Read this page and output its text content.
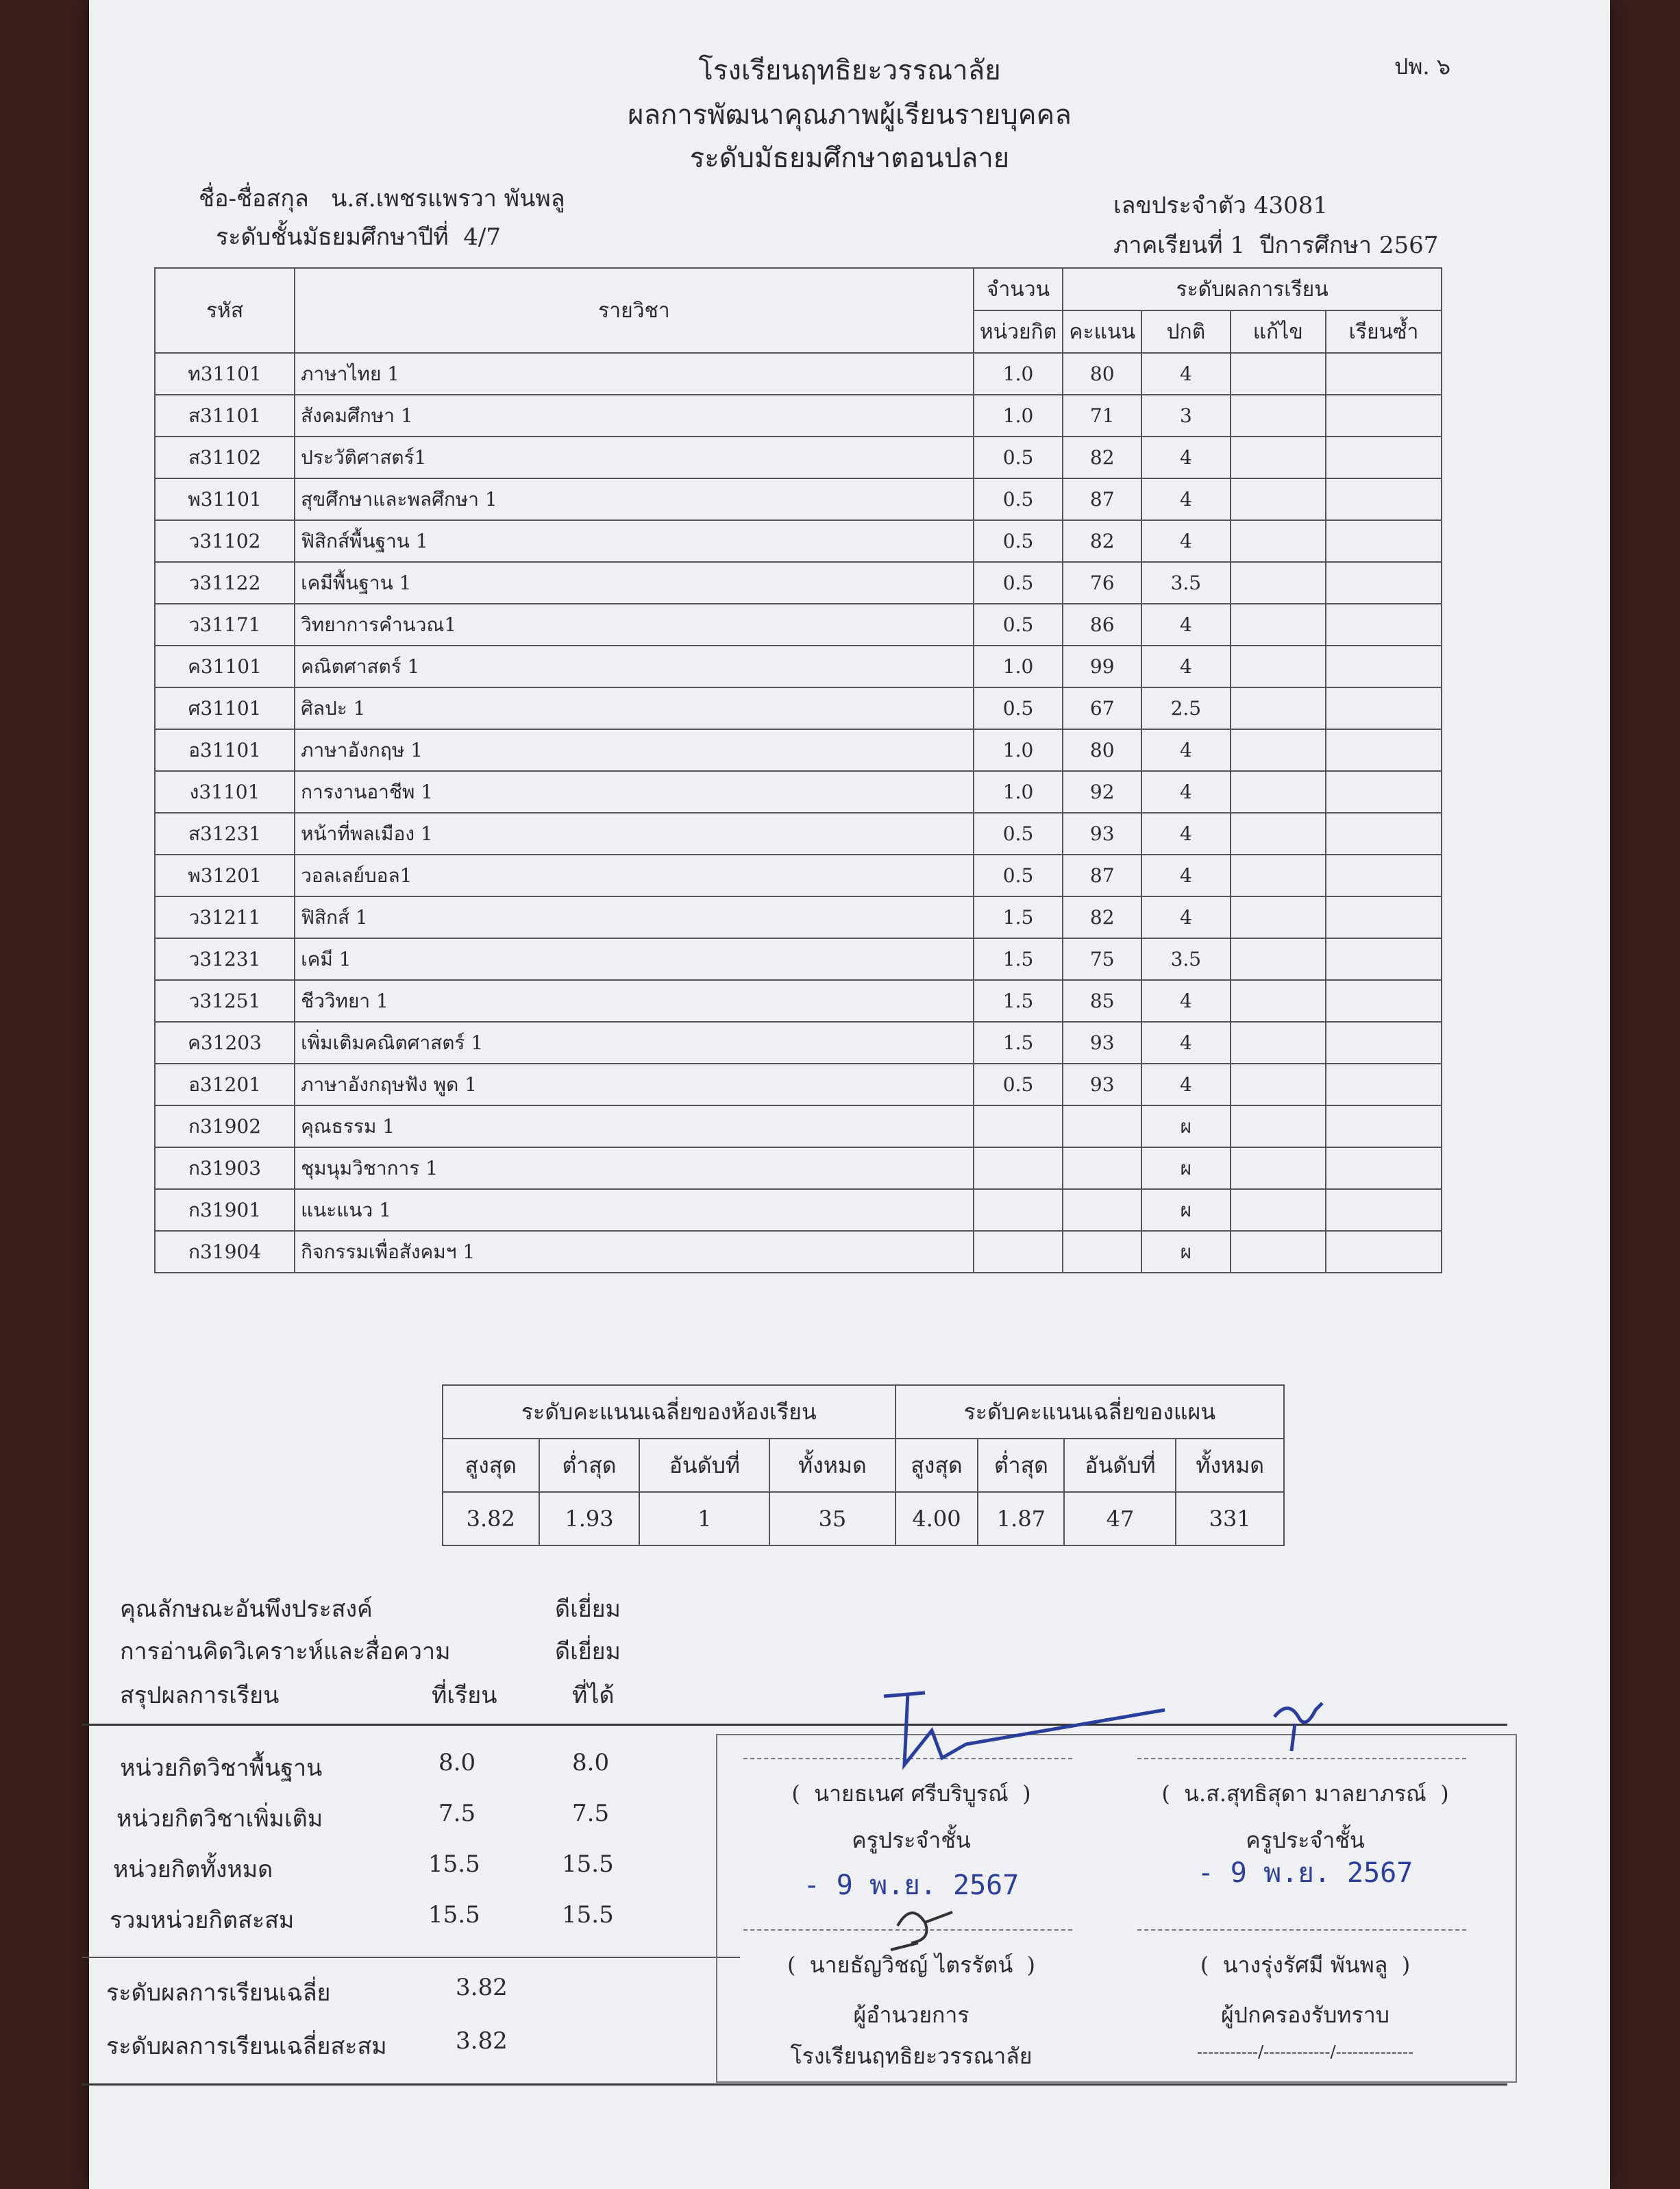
โรงเรียนฤทธิยะวรรณาลัย	ปพ. ๖
ผลการพัฒนาคุณภาพผู้เรียนรายบุคคล
ระดับมัธยมศึกษาตอนปลาย
ชื่อ-ชื่อสกุล น.ส.เพชรแพรวา พันพลู
ระดับชั้นมัธยมศึกษาปีที่ 4/7
เลขประจำตัว 43081
ภาคเรียนที่ 1 ปีการศึกษา 2567
รหัส	รายวิชา	จำนวน	ระดับผลการเรียน			
		หน่วยกิต	คะแนน	ปกติ	แก้ไข	เรียนซ้ำ
ท31101	ภาษาไทย 1	1.0	80	4		
ส31101	สังคมศึกษา 1	1.0	71	3		
ส31102	ประวัติศาสตร์1	0.5	82	4		
พ31101	สุขศึกษาและพลศึกษา 1	0.5	87	4		
ว31102	ฟิสิกส์พื้นฐาน 1	0.5	82	4		
ว31122	เคมีพื้นฐาน 1	0.5	76	3.5		
ว31171	วิทยาการคำนวณ1	0.5	86	4		
ค31101	คณิตศาสตร์ 1	1.0	99	4		
ศ31101	ศิลปะ 1	0.5	67	2.5		
อ31101	ภาษาอังกฤษ 1	1.0	80	4		
ง31101	การงานอาชีพ 1	1.0	92	4		
ส31231	หน้าที่พลเมือง 1	0.5	93	4		
พ31201	วอลเลย์บอล1	0.5	87	4		
ว31211	ฟิสิกส์ 1	1.5	82	4		
ว31231	เคมี 1	1.5	75	3.5		
ว31251	ชีววิทยา 1	1.5	85	4		
ค31203	เพิ่มเติมคณิตศาสตร์ 1	1.5	93	4		
อ31201	ภาษาอังกฤษฟัง พูด 1	0.5	93	4		
ก31902	คุณธรรม 1			ผ		
ก31903	ชุมนุมวิชาการ 1			ผ		
ก31901	แนะแนว 1			ผ		
ก31904	กิจกรรมเพื่อสังคมฯ 1			ผ		
ระดับคะแนนเฉลี่ยของห้องเรียน				ระดับคะแนนเฉลี่ยของแผน			
สูงสุด	ต่ำสุด	อันดับที่	ทั้งหมด	สูงสุด	ต่ำสุด	อันดับที่	ทั้งหมด
3.82	1.93	1	35	4.00	1.87	47	331
คุณลักษณะอันพึงประสงค์	ดีเยี่ยม
การอ่านคิดวิเคราะห์และสื่อความ	ดีเยี่ยม
สรุปผลการเรียน	ที่เรียน	ที่ได้
หน่วยกิตวิชาพื้นฐาน	8.0	8.0
หน่วยกิตวิชาเพิ่มเติม	7.5	7.5
หน่วยกิตทั้งหมด	15.5	15.5
รวมหน่วยกิตสะสม	15.5	15.5
ระดับผลการเรียนเฉลี่ย	3.82
ระดับผลการเรียนเฉลี่ยสะสม	3.82
(  นายธเนศ ศรีบริบูรณ์  )
ครูประจำชั้น
- 9 พ.ย. 2567
(  น.ส.สุทธิสุดา มาลยาภรณ์  )
ครูประจำชั้น
- 9 พ.ย. 2567
(  นายธัญวิชญ์ ไตรรัตน์  )
ผู้อำนวยการ
โรงเรียนฤทธิยะวรรณาลัย
(  นางรุ่งรัศมี พันพลู  )
ผู้ปกครองรับทราบ
-----------/------------/--------------
